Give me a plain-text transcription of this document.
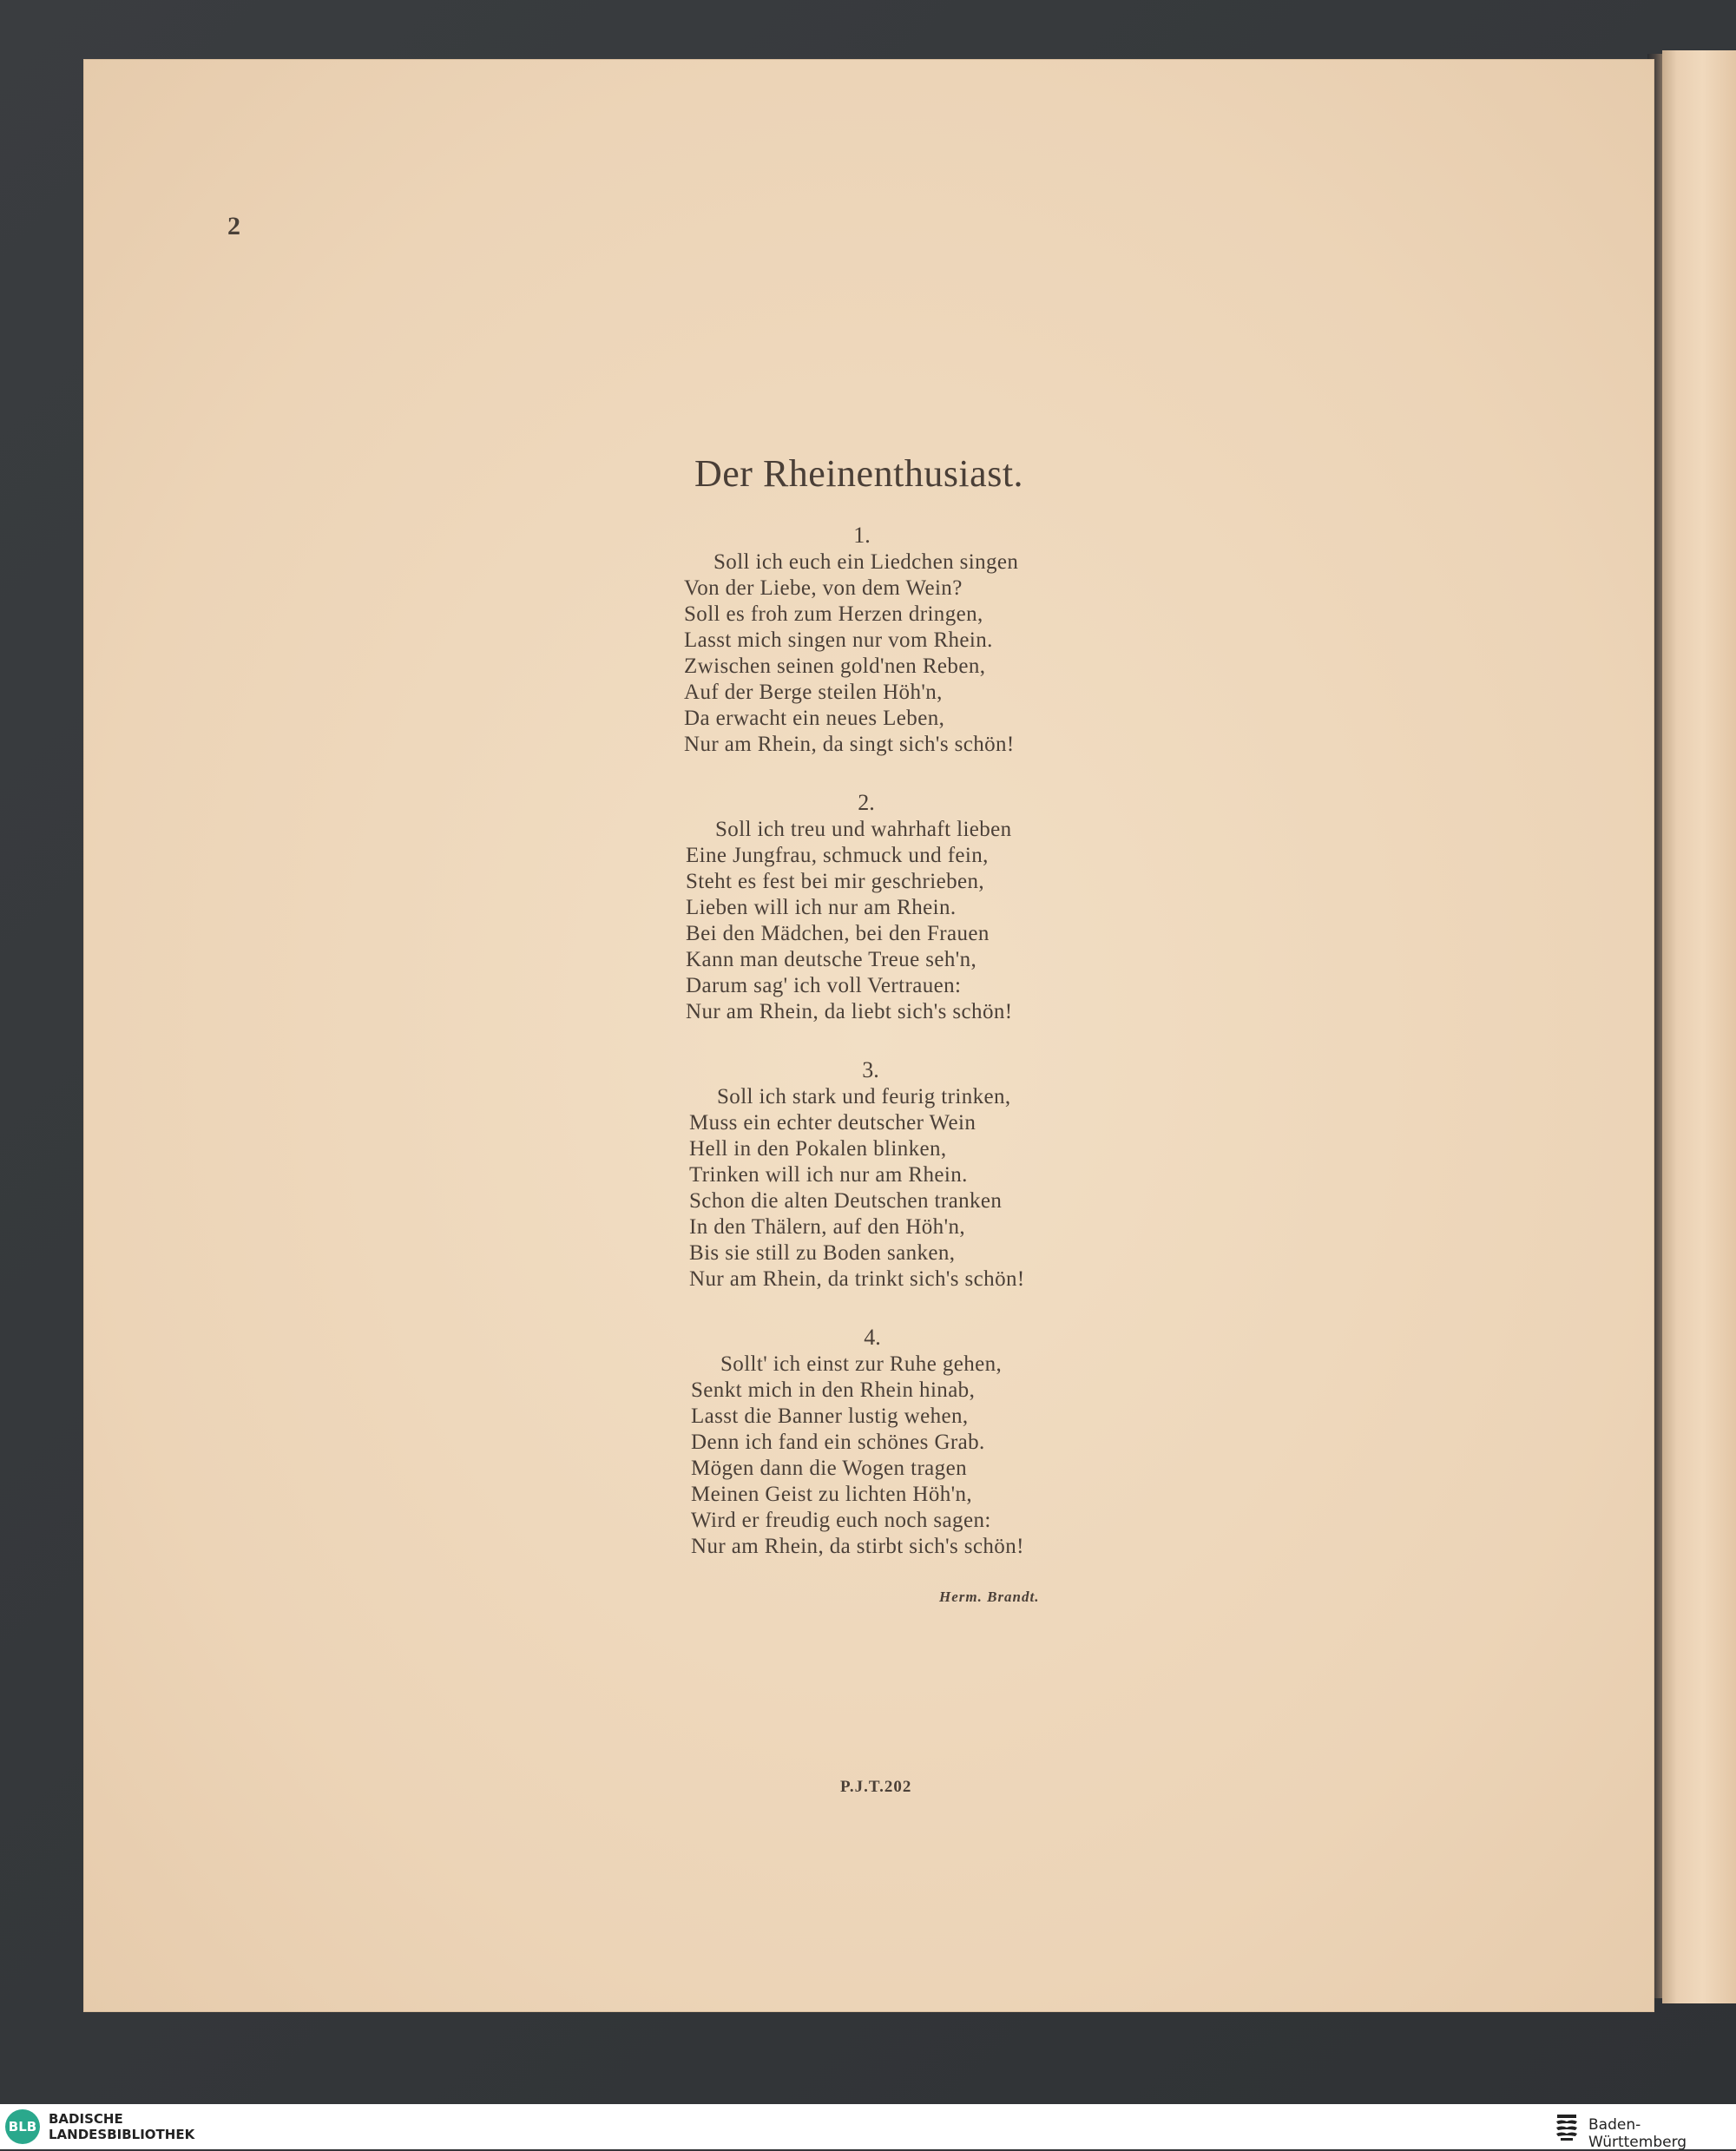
2
Der Rheinenthusiast.
1.
Soll ich euch ein Liedchen singen
Von der Liebe, von dem Wein?
Soll es froh zum Herzen dringen,
Lasst mich singen nur vom Rhein.
Zwischen seinen gold'nen Reben,
Auf der Berge steilen Höh'n,
Da erwacht ein neues Leben,
Nur am Rhein, da singt sich's schön!
2.
Soll ich treu und wahrhaft lieben
Eine Jungfrau, schmuck und fein,
Steht es fest bei mir geschrieben,
Lieben will ich nur am Rhein.
Bei den Mädchen, bei den Frauen
Kann man deutsche Treue seh'n,
Darum sag' ich voll Vertrauen:
Nur am Rhein, da liebt sich's schön!
3.
Soll ich stark und feurig trinken,
Muss ein echter deutscher Wein
Hell in den Pokalen blinken,
Trinken will ich nur am Rhein.
Schon die alten Deutschen tranken
In den Thälern, auf den Höh'n,
Bis sie still zu Boden sanken,
Nur am Rhein, da trinkt sich's schön!
4.
Sollt' ich einst zur Ruhe gehen,
Senkt mich in den Rhein hinab,
Lasst die Banner lustig wehen,
Denn ich fand ein schönes Grab.
Mögen dann die Wogen tragen
Meinen Geist zu lichten Höh'n,
Wird er freudig euch noch sagen:
Nur am Rhein, da stirbt sich's schön!
Herm. Brandt.
P.J.T.202
BLB BADISCHE
LANDESBIBLIOTHEK
Baden-Württemberg
